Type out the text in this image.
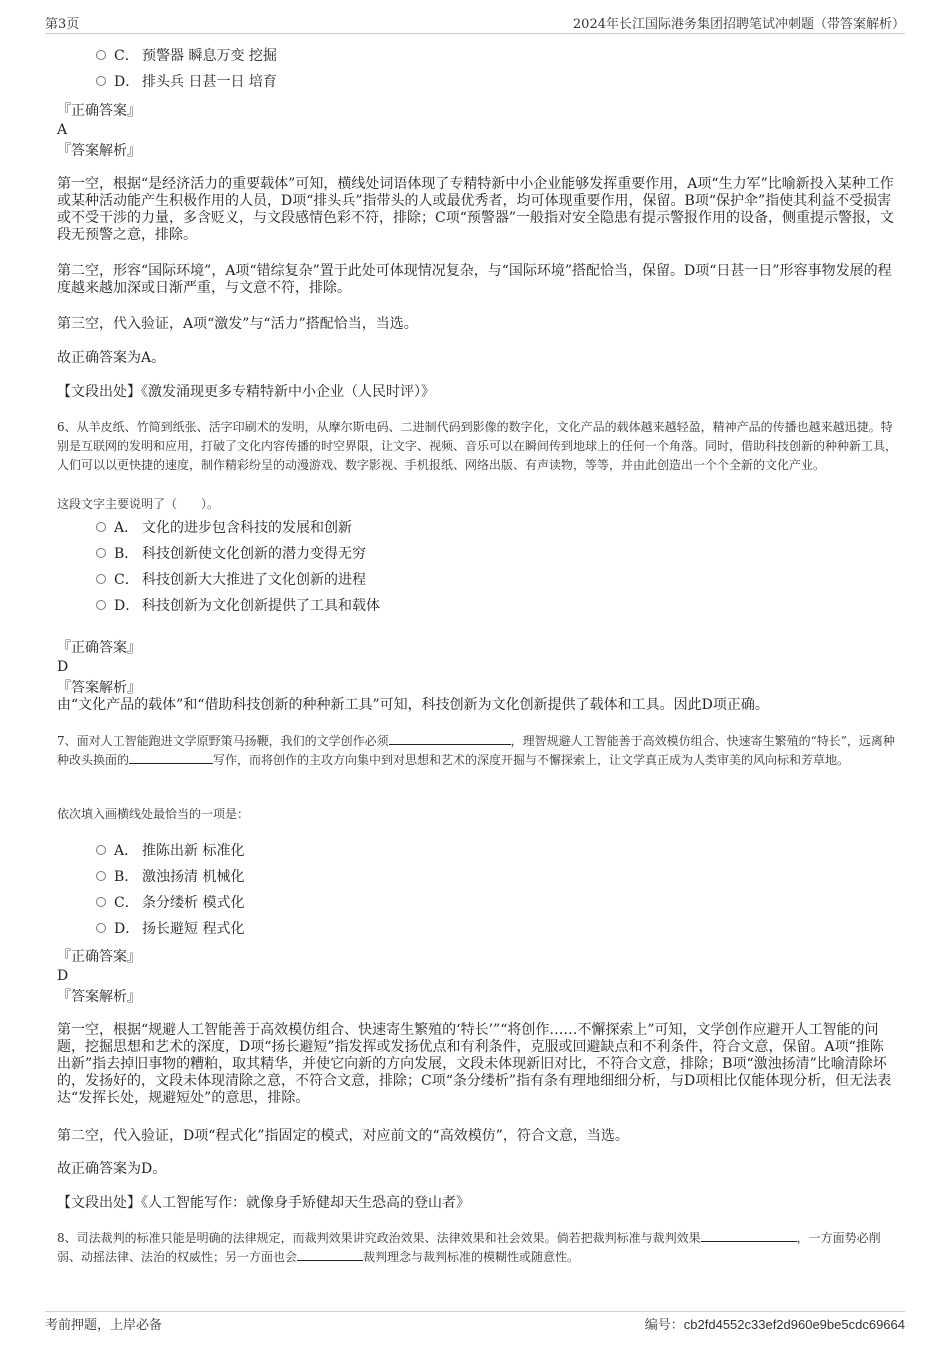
第3页	2024年长江国际港务集团招聘笔试冲刺题（带答案解析）
C． 预警器 瞬息万变 挖掘
D． 排头兵 日甚一日 培育
『正确答案』
A
『答案解析』
第一空，根据“是经济活力的重要载体”可知，横线处词语体现了专精特新中小企业能够发挥重要作用，A项“生力军”比喻新投入某种工作或某种活动能产生积极作用的人员，D项“排头兵”指带头的人或最优秀者，均可体现重要作用，保留。B项“保护伞”指使其利益不受损害或不受干涉的力量，多含贬义，与文段感情色彩不符，排除；C项“预警器”一般指对安全隐患有提示警报作用的设备，侧重提示警报，文段无预警之意，排除。
第二空，形容“国际环境”，A项“错综复杂”置于此处可体现情况复杂，与“国际环境”搭配恰当，保留。D项“日甚一日”形容事物发展的程度越来越加深或日渐严重，与文意不符，排除。
第三空，代入验证，A项“激发”与“活力”搭配恰当，当选。
故正确答案为A。
【文段出处】《激发涌现更多专精特新中小企业（人民时评）》
6、从羊皮纸、竹简到纸张、活字印刷术的发明，从摩尔斯电码、二进制代码到影像的数字化，文化产品的载体越来越轻盈，精神产品的传播也越来越迅捷。特别是互联网的发明和应用，打破了文化内容传播的时空界限，让文字、视频、音乐可以在瞬间传到地球上的任何一个角落。同时，借助科技创新的种种新工具，人们可以以更快捷的速度，制作精彩纷呈的动漫游戏、数字影视、手机报纸、网络出版、有声读物，等等，并由此创造出一个个全新的文化产业。
这段文字主要说明了（　　）。
A． 文化的进步包含科技的发展和创新
B． 科技创新使文化创新的潜力变得无穷
C． 科技创新大大推进了文化创新的进程
D． 科技创新为文化创新提供了工具和载体
『正确答案』
D
『答案解析』
由“文化产品的载体”和“借助科技创新的种种新工具”可知，科技创新为文化创新提供了载体和工具。因此D项正确。
7、面对人工智能跑进文学原野策马扬鞭，我们的文学创作必须	，理智规避人工智能善于高效模仿组合、快速寄生繁殖的“特长”，远离种种改头换面的	写作，而将创作的主攻方向集中到对思想和艺术的深度开掘与不懈探索上，让文学真正成为人类审美的风向标和芳草地。
依次填入画横线处最恰当的一项是：
A． 推陈出新 标准化
B． 激浊扬清 机械化
C． 条分缕析 模式化
D． 扬长避短 程式化
『正确答案』
D
『答案解析』
第一空，根据“规避人工智能善于高效模仿组合、快速寄生繁殖的‘特长’”“将创作……不懈探索上”可知，文学创作应避开人工智能的问题，挖掘思想和艺术的深度，D项“扬长避短”指发挥或发扬优点和有利条件，克服或回避缺点和不利条件，符合文意，保留。A项“推陈出新”指去掉旧事物的糟粕，取其精华，并使它向新的方向发展，文段未体现新旧对比，不符合文意，排除；B项“激浊扬清”比喻清除坏的，发扬好的，文段未体现清除之意，不符合文意，排除；C项“条分缕析”指有条有理地细细分析，与D项相比仅能体现分析，但无法表达“发挥长处，规避短处”的意思，排除。
第二空，代入验证，D项“程式化”指固定的模式，对应前文的“高效模仿”，符合文意，当选。
故正确答案为D。
【文段出处】《人工智能写作：就像身手矫健却天生恐高的登山者》
8、司法裁判的标准只能是明确的法律规定，而裁判效果讲究政治效果、法律效果和社会效果。倘若把裁判标准与裁判效果	，一方面势必削弱、动摇法律、法治的权威性；另一方面也会	裁判理念与裁判标准的模糊性或随意性。
考前押题，上岸必备	编号：cb2fd4552c33ef2d960e9be5cdc69664
